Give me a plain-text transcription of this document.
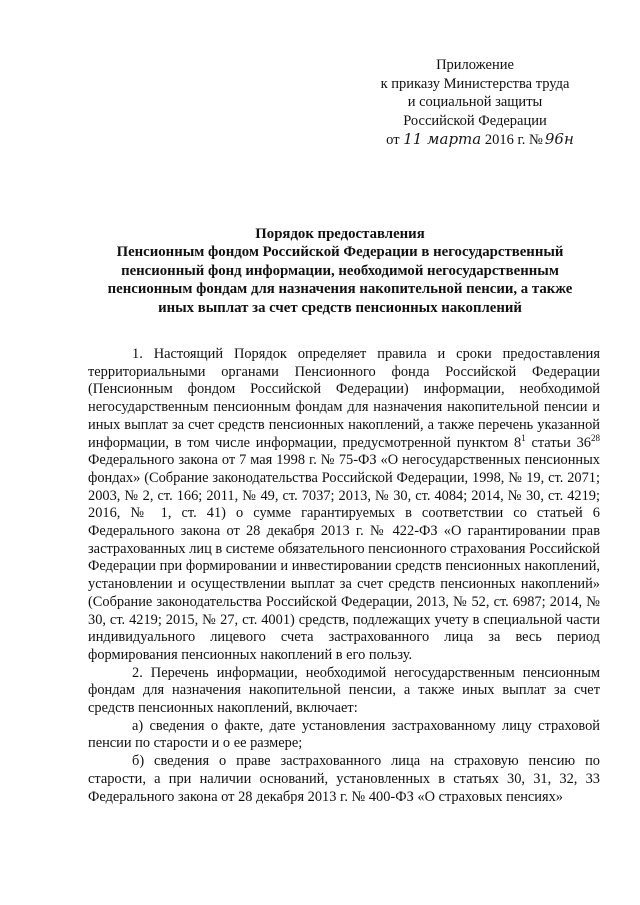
Приложение
к приказу Министерства труда
и социальной защиты
Российской Федерации
от 11 марта 2016 г. № 96н
Порядок предоставления
Пенсионным фондом Российской Федерации в негосударственный
пенсионный фонд информации, необходимой негосударственным
пенсионным фондам для назначения накопительной пенсии, а также
иных выплат за счет средств пенсионных накоплений

1. Настоящий Порядок определяет правила и сроки предоставления территориальными органами Пенсионного фонда Российской Федерации (Пенсионным фондом Российской Федерации) информации, необходимой негосударственным пенсионным фондам для назначения накопительной пенсии и иных выплат за счет средств пенсионных накоплений, а также перечень указанной информации, в том числе информации, предусмотренной пунктом $8^1$ статьи $36^{28}$ Федерального закона от 7 мая 1998 г. № 75-ФЗ «О негосударственных пенсионных фондах» (Собрание законодательства Российской Федерации, 1998, № 19, ст. 2071; 2003, № 2, ст. 166; 2011, № 49, ст. 7037; 2013, № 30, ст. 4084; 2014, № 30, ст. 4219; 2016, № 1, ст. 41) о сумме гарантируемых в соответствии со статьей 6 Федерального закона от 28 декабря 2013 г. № 422-ФЗ «О гарантировании прав застрахованных лиц в системе обязательного пенсионного страхования Российской Федерации при формировании и инвестировании средств пенсионных накоплений, установлении и осуществлении выплат за счет средств пенсионных накоплений» (Собрание законодательства Российской Федерации, 2013, № 52, ст. 6987; 2014, № 30, ст. 4219; 2015, № 27, ст. 4001) средств, подлежащих учету в специальной части индивидуального лицевого счета застрахованного лица за весь период формирования пенсионных накоплений в его пользу.

2. Перечень информации, необходимой негосударственным пенсионным фондам для назначения накопительной пенсии, а также иных выплат за счет средств пенсионных накоплений, включает:

а) сведения о факте, дате установления застрахованному лицу страховой пенсии по старости и о ее размере;

б) сведения о праве застрахованного лица на страховую пенсию по старости, а при наличии оснований, установленных в статьях 30, 31, 32, 33 Федерального закона от 28 декабря 2013 г. № 400-ФЗ «О страховых пенсиях»
